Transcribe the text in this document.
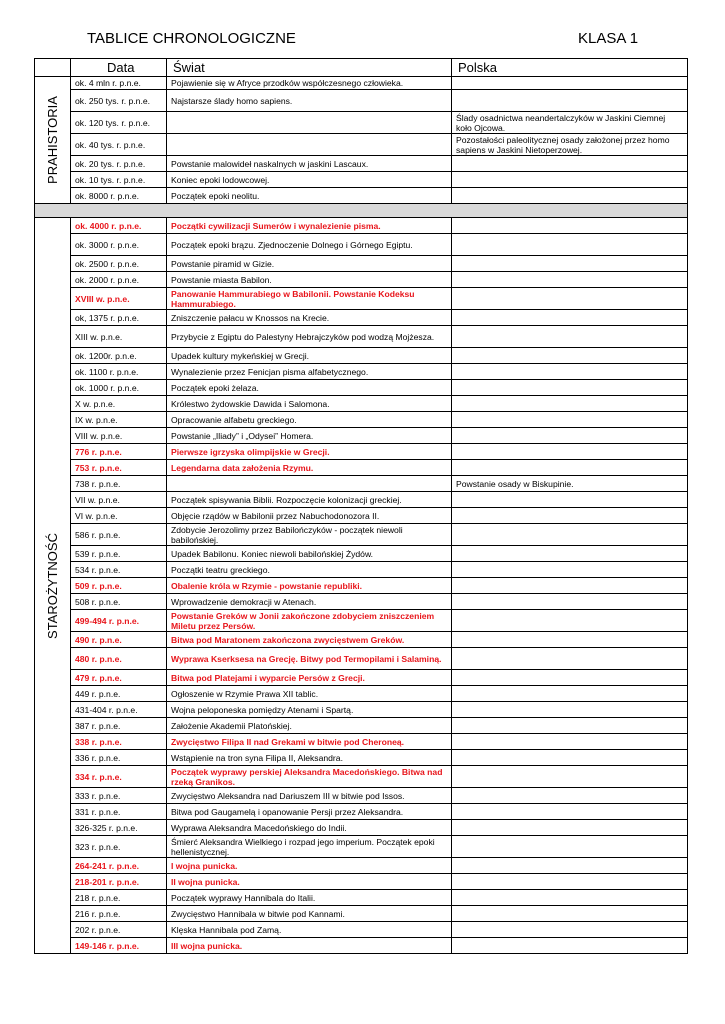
TABLICE CHRONOLOGICZNE	KLASA 1
	Data	Świat	Polska

PRAHISTORIA	ok. 4 mln r. p.n.e.	Pojawienie się w Afryce przodków współczesnego człowieka.	
	ok. 250 tys. r. p.n.e.	Najstarsze ślady homo sapiens.	
	ok. 120 tys. r. p.n.e.		Ślady osadnictwa neandertalczyków w Jaskini Ciemnej koło Ojcowa.
	ok. 40 tys. r. p.n.e.		Pozostałości paleolitycznej osady założonej przez homo sapiens w Jaskini Nietoperzowej.
	ok. 20 tys. r. p.n.e.	Powstanie malowideł naskalnych w jaskini Lascaux.	
	ok. 10 tys. r. p.n.e.	Koniec epoki lodowcowej.	
	ok. 8000 r. p.n.e.	Początek epoki neolitu.	

STAROŻYTNOŚĆ	ok. 4000 r. p.n.e.	Początki cywilizacji Sumerów i wynalezienie pisma.	
	ok. 3000 r. p.n.e.	Początek epoki brązu. Zjednoczenie Dolnego i Górnego Egiptu.	
	ok. 2500 r. p.n.e.	Powstanie piramid w Gizie.	
	ok. 2000 r. p.n.e.	Powstanie miasta Babilon.	
	XVIII w. p.n.e.	Panowanie Hammurabiego w Babilonii. Powstanie Kodeksu Hammurabiego.	
	ok, 1375 r. p.n.e.	Zniszczenie pałacu w Knossos na Krecie.	
	XIII w. p.n.e.	Przybycie z Egiptu do Palestyny Hebrajczyków pod wodzą Mojżesza.	
	ok. 1200r. p.n.e.	Upadek kultury mykeńskiej w Grecji.	
	ok. 1100 r. p.n.e.	Wynalezienie przez Fenicjan pisma alfabetycznego.	
	ok. 1000 r. p.n.e.	Początek epoki żelaza.	
	X w. p.n.e.	Królestwo żydowskie Dawida i Salomona.	
	IX w. p.n.e.	Opracowanie alfabetu greckiego.	
	VIII w. p.n.e.	Powstanie „Iliady” i „Odysei” Homera.	
	776 r. p.n.e.	Pierwsze igrzyska olimpijskie w Grecji.	
	753 r. p.n.e.	Legendarna data założenia Rzymu.	
	738 r. p.n.e.		Powstanie osady w Biskupinie.
	VII w. p.n.e.	Początek spisywania Biblii. Rozpoczęcie kolonizacji greckiej.	
	VI w. p.n.e.	Objęcie rządów w Babilonii przez Nabuchodonozora II.	
	586 r. p.n.e.	Zdobycie Jerozolimy przez Babilończyków - początek niewoli babilońskiej.	
	539 r. p.n.e.	Upadek Babilonu. Koniec niewoli babilońskiej Żydów.	
	534 r. p.n.e.	Początki teatru greckiego.	
	509 r. p.n.e.	Obalenie króla w Rzymie - powstanie republiki.	
	508 r. p.n.e.	Wprowadzenie demokracji w Atenach.	
	499-494 r. p.n.e.	Powstanie Greków w Jonii zakończone zdobyciem zniszczeniem Miletu przez Persów.	
	490 r. p.n.e.	Bitwa pod Maratonem zakończona zwycięstwem Greków.	
	480 r. p.n.e.	Wyprawa Kserksesa na Grecję. Bitwy pod Termopilami i Salaminą.	
	479 r. p.n.e.	Bitwa pod Platejami i wyparcie Persów z Grecji.	
	449 r. p.n.e.	Ogłoszenie w Rzymie Prawa XII tablic.	
	431-404 r. p.n.e.	Wojna peloponeska pomiędzy Atenami i Spartą.	
	387 r. p.n.e.	Założenie Akademii Platońskiej.	
	338 r. p.n.e.	Zwycięstwo Filipa II nad Grekami w bitwie pod Cheroneą.	
	336 r. p.n.e.	Wstąpienie na tron syna Filipa II, Aleksandra.	
	334 r. p.n.e.	Początek wyprawy perskiej Aleksandra Macedońskiego. Bitwa nad rzeką Granikos.	
	333 r. p.n.e.	Zwycięstwo Aleksandra nad Dariuszem III w bitwie pod Issos.	
	331 r. p.n.e.	Bitwa pod Gaugamelą i opanowanie Persji przez Aleksandra.	
	326-325 r. p.n.e.	Wyprawa Aleksandra Macedońskiego do Indii.	
	323 r. p.n.e.	Śmierć Aleksandra Wielkiego i rozpad jego imperium. Początek epoki hellenistycznej.	
	264-241 r. p.n.e.	I wojna punicka.	
	218-201 r. p.n.e.	II wojna punicka.	
	218 r. p.n.e.	Początek wyprawy Hannibala do Italii.	
	216 r. p.n.e.	Zwycięstwo Hannibala w bitwie pod Kannami.	
	202 r. p.n.e.	Klęska Hannibala pod Zamą.	
	149-146 r. p.n.e.	III wojna punicka.	
